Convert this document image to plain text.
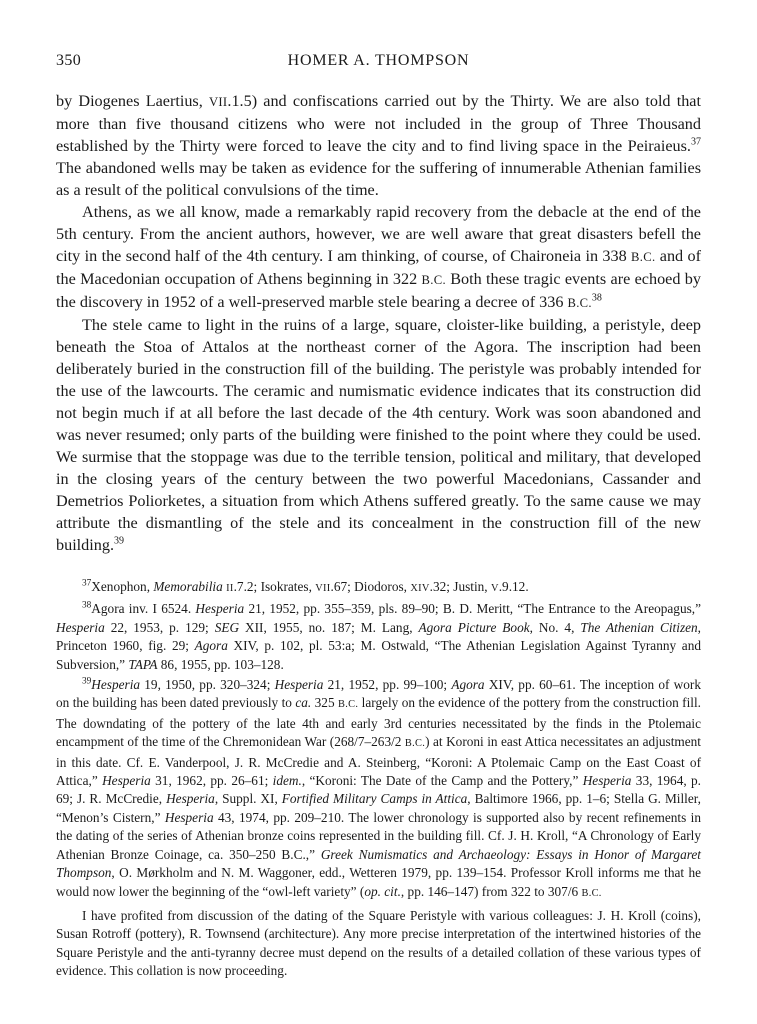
350	HOMER A. THOMPSON

by Diogenes Laertius, VII.1.5) and confiscations carried out by the Thirty. We are also told that more than five thousand citizens who were not included in the group of Three Thousand established by the Thirty were forced to leave the city and to find living space in the Peiraieus.$^{37}$ The abandoned wells may be taken as evidence for the suffering of innumerable Athenian families as a result of the political convulsions of the time.

Athens, as we all know, made a remarkably rapid recovery from the debacle at the end of the 5th century. From the ancient authors, however, we are well aware that great disasters befell the city in the second half of the 4th century. I am thinking, of course, of Chaironeia in 338 B.C. and of the Macedonian occupation of Athens beginning in 322 B.C. Both these tragic events are echoed by the discovery in 1952 of a well-preserved marble stele bearing a decree of 336 B.C.$^{38}$

The stele came to light in the ruins of a large, square, cloister-like building, a peristyle, deep beneath the Stoa of Attalos at the northeast corner of the Agora. The inscription had been deliberately buried in the construction fill of the building. The peristyle was probably intended for the use of the lawcourts. The ceramic and numismatic evidence indicates that its construction did not begin much if at all before the last decade of the 4th century. Work was soon abandoned and was never resumed; only parts of the building were finished to the point where they could be used. We surmise that the stoppage was due to the terrible tension, political and military, that developed in the closing years of the century between the two powerful Macedonians, Cassander and Demetrios Poliorketes, a situation from which Athens suffered greatly. To the same cause we may attribute the dismantling of the stele and its concealment in the construction fill of the new building.$^{39}$

$^{37}$Xenophon, Memorabilia II.7.2; Isokrates, VII.67; Diodoros, XIV.32; Justin, V.9.12.

$^{38}$Agora inv. I 6524. Hesperia 21, 1952, pp. 355–359, pls. 89–90; B. D. Meritt, “The Entrance to the Areopagus,” Hesperia 22, 1953, p. 129; SEG XII, 1955, no. 187; M. Lang, Agora Picture Book, No. 4, The Athenian Citizen, Princeton 1960, fig. 29; Agora XIV, p. 102, pl. 53:a; M. Ostwald, “The Athenian Legislation Against Tyranny and Subversion,” TAPA 86, 1955, pp. 103–128.

$^{39}$Hesperia 19, 1950, pp. 320–324; Hesperia 21, 1952, pp. 99–100; Agora XIV, pp. 60–61. The inception of work on the building has been dated previously to ca. 325 B.C. largely on the evidence of the pottery from the construction fill. The downdating of the pottery of the late 4th and early 3rd centuries necessitated by the finds in the Ptolemaic encampment of the time of the Chremonidean War (268/7–263/2 B.C.) at Koroni in east Attica necessitates an adjustment in this date. Cf. E. Vanderpool, J. R. McCredie and A. Steinberg, “Koroni: A Ptolemaic Camp on the East Coast of Attica,” Hesperia 31, 1962, pp. 26–61; idem., “Koroni: The Date of the Camp and the Pottery,” Hesperia 33, 1964, p. 69; J. R. McCredie, Hesperia, Suppl. XI, Fortified Military Camps in Attica, Baltimore 1966, pp. 1–6; Stella G. Miller, “Menon’s Cistern,” Hesperia 43, 1974, pp. 209–210. The lower chronology is supported also by recent refinements in the dating of the series of Athenian bronze coins represented in the building fill. Cf. J. H. Kroll, “A Chronology of Early Athenian Bronze Coinage, ca. 350–250 B.C.,” Greek Numismatics and Archaeology: Essays in Honor of Margaret Thompson, O. Mørkholm and N. M. Waggoner, edd., Wetteren 1979, pp. 139–154. Professor Kroll informs me that he would now lower the beginning of the “owl-left variety” (op. cit., pp. 146–147) from 322 to 307/6 B.C.

I have profited from discussion of the dating of the Square Peristyle with various colleagues: J. H. Kroll (coins), Susan Rotroff (pottery), R. Townsend (architecture). Any more precise interpretation of the intertwined histories of the Square Peristyle and the anti-tyranny decree must depend on the results of a detailed collation of these various types of evidence. This collation is now proceeding.
